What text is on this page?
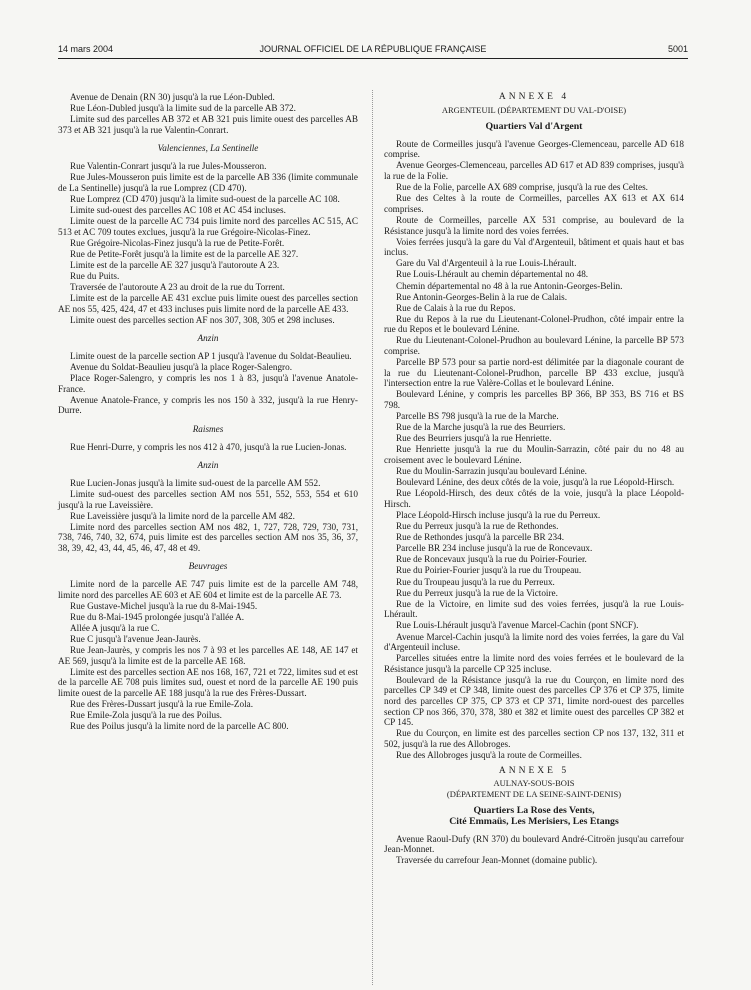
14 mars 2004	JOURNAL OFFICIEL DE LA RÉPUBLIQUE FRANÇAISE	5001
Avenue de Denain (RN 30) jusqu'à la rue Léon-Dubled.
Rue Léon-Dubled jusqu'à la limite sud de la parcelle AB 372.
Limite sud des parcelles AB 372 et AB 321 puis limite ouest des parcelles AB 373 et AB 321 jusqu'à la rue Valentin-Conrart.
Valenciennes, La Sentinelle
Rue Valentin-Conrart jusqu'à la rue Jules-Mousseron.
Rue Jules-Mousseron puis limite est de la parcelle AB 336 (limite communale de La Sentinelle) jusqu'à la rue Lomprez (CD 470).
Rue Lomprez (CD 470) jusqu'à la limite sud-ouest de la parcelle AC 108.
Limite sud-ouest des parcelles AC 108 et AC 454 incluses.
Limite ouest de la parcelle AC 734 puis limite nord des parcelles AC 515, AC 513 et AC 709 toutes exclues, jusqu'à la rue Grégoire-Nicolas-Finez.
Rue Grégoire-Nicolas-Finez jusqu'à la rue de Petite-Forêt.
Rue de Petite-Forêt jusqu'à la limite est de la parcelle AE 327.
Limite est de la parcelle AE 327 jusqu'à l'autoroute A 23.
Rue du Puits.
Traversée de l'autoroute A 23 au droit de la rue du Torrent.
Limite est de la parcelle AE 431 exclue puis limite ouest des parcelles section AE nos 55, 425, 424, 47 et 433 incluses puis limite nord de la parcelle AE 433.
Limite ouest des parcelles section AF nos 307, 308, 305 et 298 incluses.
Anzin
Limite ouest de la parcelle section AP 1 jusqu'à l'avenue du Soldat-Beaulieu.
Avenue du Soldat-Beaulieu jusqu'à la place Roger-Salengro.
Place Roger-Salengro, y compris les nos 1 à 83, jusqu'à l'avenue Anatole-France.
Avenue Anatole-France, y compris les nos 150 à 332, jusqu'à la rue Henry-Durre.
Raismes
Rue Henri-Durre, y compris les nos 412 à 470, jusqu'à la rue Lucien-Jonas.
Anzin
Rue Lucien-Jonas jusqu'à la limite sud-ouest de la parcelle AM 552.
Limite sud-ouest des parcelles section AM nos 551, 552, 553, 554 et 610 jusqu'à la rue Laveissière.
Rue Laveissière jusqu'à la limite nord de la parcelle AM 482.
Limite nord des parcelles section AM nos 482, 1, 727, 728, 729, 730, 731, 738, 746, 740, 32, 674, puis limite est des parcelles section AM nos 35, 36, 37, 38, 39, 42, 43, 44, 45, 46, 47, 48 et 49.
Beuvrages
Limite nord de la parcelle AE 747 puis limite est de la parcelle AM 748, limite nord des parcelles AE 603 et AE 604 et limite est de la parcelle AE 73.
Rue Gustave-Michel jusqu'à la rue du 8-Mai-1945.
Rue du 8-Mai-1945 prolongée jusqu'à l'allée A.
Allée A jusqu'à la rue C.
Rue C jusqu'à l'avenue Jean-Jaurès.
Rue Jean-Jaurès, y compris les nos 7 à 93 et les parcelles AE 148, AE 147 et AE 569, jusqu'à la limite est de la parcelle AE 168.
Limite est des parcelles section AE nos 168, 167, 721 et 722, limites sud et est de la parcelle AE 708 puis limites sud, ouest et nord de la parcelle AE 190 puis limite ouest de la parcelle AE 188 jusqu'à la rue des Frères-Dussart.
Rue des Frères-Dussart jusqu'à la rue Emile-Zola.
Rue Emile-Zola jusqu'à la rue des Poilus.
Rue des Poilus jusqu'à la limite nord de la parcelle AC 800.
ANNEXE 4
ARGENTEUIL (DÉPARTEMENT DU VAL-D'OISE)
Quartiers Val d'Argent
Route de Cormeilles jusqu'à l'avenue Georges-Clemenceau, parcelle AD 618 comprise.
Avenue Georges-Clemenceau, parcelles AD 617 et AD 839 comprises, jusqu'à la rue de la Folie.
Rue de la Folie, parcelle AX 689 comprise, jusqu'à la rue des Celtes.
Rue des Celtes à la route de Cormeilles, parcelles AX 613 et AX 614 comprises.
Route de Cormeilles, parcelle AX 531 comprise, au boulevard de la Résistance jusqu'à la limite nord des voies ferrées.
Voies ferrées jusqu'à la gare du Val d'Argenteuil, bâtiment et quais haut et bas inclus.
Gare du Val d'Argenteuil à la rue Louis-Lhérault.
Rue Louis-Lhérault au chemin départemental no 48.
Chemin départemental no 48 à la rue Antonin-Georges-Belin.
Rue Antonin-Georges-Belin à la rue de Calais.
Rue de Calais à la rue du Repos.
Rue du Repos à la rue du Lieutenant-Colonel-Prudhon, côté impair entre la rue du Repos et le boulevard Lénine.
Rue du Lieutenant-Colonel-Prudhon au boulevard Lénine, la parcelle BP 573 comprise.
Parcelle BP 573 pour sa partie nord-est délimitée par la diagonale courant de la rue du Lieutenant-Colonel-Prudhon, parcelle BP 433 exclue, jusqu'à l'intersection entre la rue Valère-Collas et le boulevard Lénine.
Boulevard Lénine, y compris les parcelles BP 366, BP 353, BS 716 et BS 798.
Parcelle BS 798 jusqu'à la rue de la Marche.
Rue de la Marche jusqu'à la rue des Beurriers.
Rue des Beurriers jusqu'à la rue Henriette.
Rue Henriette jusqu'à la rue du Moulin-Sarrazin, côté pair du no 48 au croisement avec le boulevard Lénine.
Rue du Moulin-Sarrazin jusqu'au boulevard Lénine.
Boulevard Lénine, des deux côtés de la voie, jusqu'à la rue Léopold-Hirsch.
Rue Léopold-Hirsch, des deux côtés de la voie, jusqu'à la place Léopold-Hirsch.
Place Léopold-Hirsch incluse jusqu'à la rue du Perreux.
Rue du Perreux jusqu'à la rue de Rethondes.
Rue de Rethondes jusqu'à la parcelle BR 234.
Parcelle BR 234 incluse jusqu'à la rue de Roncevaux.
Rue de Roncevaux jusqu'à la rue du Poirier-Fourier.
Rue du Poirier-Fourier jusqu'à la rue du Troupeau.
Rue du Troupeau jusqu'à la rue du Perreux.
Rue du Perreux jusqu'à la rue de la Victoire.
Rue de la Victoire, en limite sud des voies ferrées, jusqu'à la rue Louis-Lhérault.
Rue Louis-Lhérault jusqu'à l'avenue Marcel-Cachin (pont SNCF).
Avenue Marcel-Cachin jusqu'à la limite nord des voies ferrées, la gare du Val d'Argenteuil incluse.
Parcelles situées entre la limite nord des voies ferrées et le boulevard de la Résistance jusqu'à la parcelle CP 325 incluse.
Boulevard de la Résistance jusqu'à la rue du Courçon, en limite nord des parcelles CP 349 et CP 348, limite ouest des parcelles CP 376 et CP 375, limite nord des parcelles CP 375, CP 373 et CP 371, limite nord-ouest des parcelles section CP nos 366, 370, 378, 380 et 382 et limite ouest des parcelles CP 382 et CP 145.
Rue du Courçon, en limite est des parcelles section CP nos 137, 132, 311 et 502, jusqu'à la rue des Allobroges.
Rue des Allobroges jusqu'à la route de Cormeilles.
ANNEXE 5
AULNAY-SOUS-BOIS
(DÉPARTEMENT DE LA SEINE-SAINT-DENIS)
Quartiers La Rose des Vents,
Cité Emmaüs, Les Merisiers, Les Etangs
Avenue Raoul-Dufy (RN 370) du boulevard André-Citroën jusqu'au carrefour Jean-Monnet.
Traversée du carrefour Jean-Monnet (domaine public).
